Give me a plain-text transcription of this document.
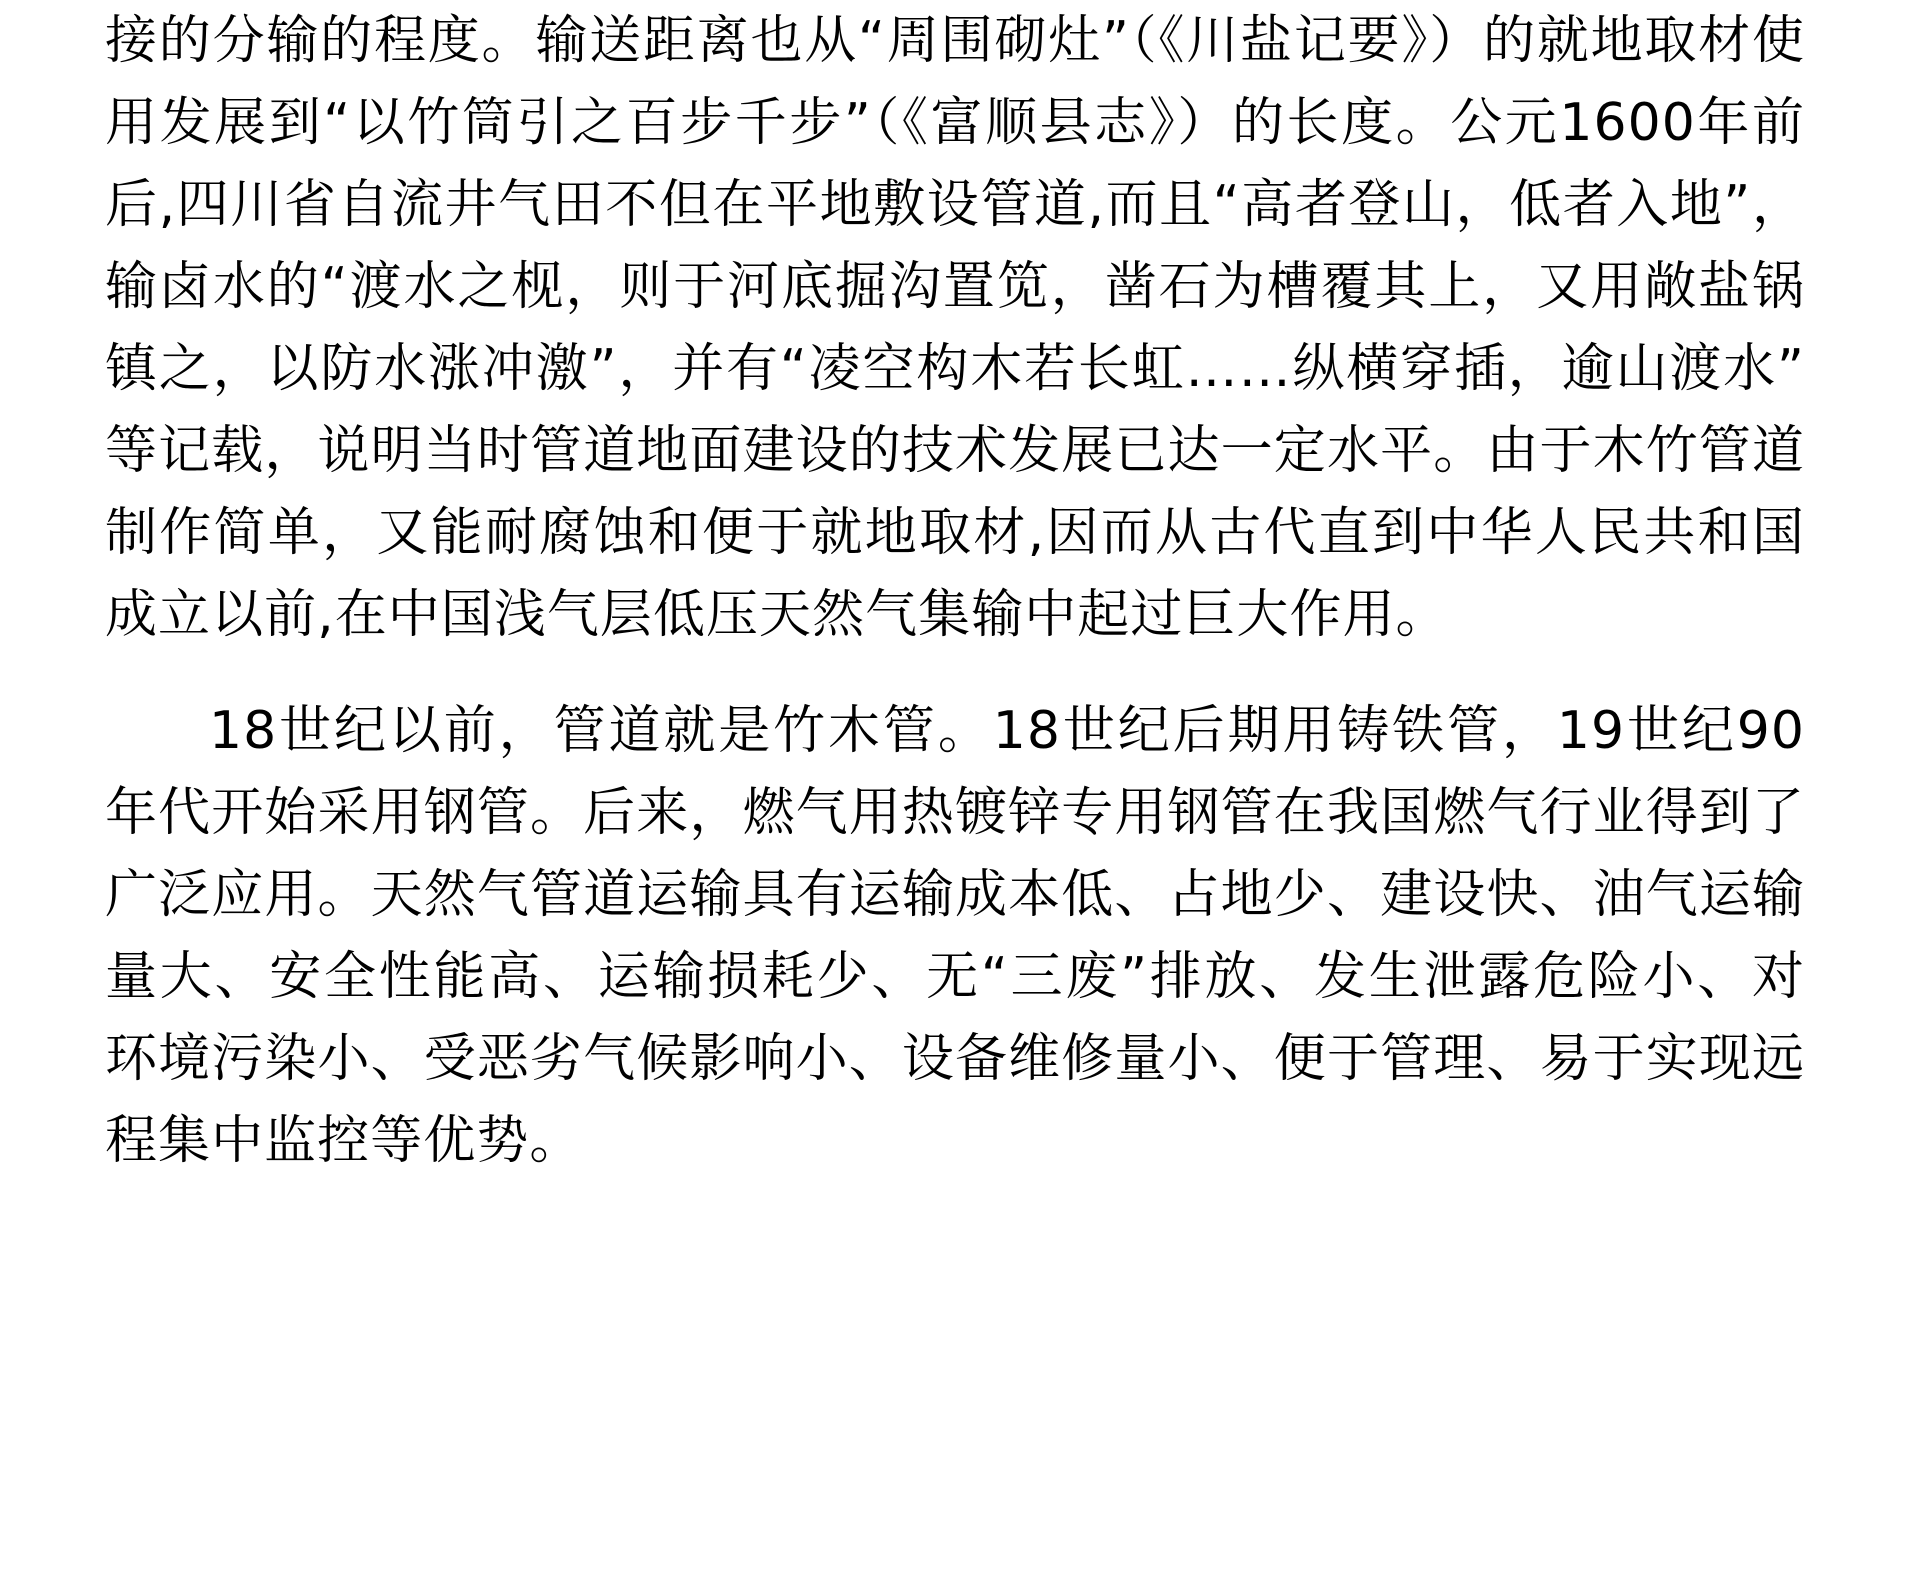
接的分输的程度。输送距离也从“周围砌灶”（《川盐记要》）的就地取材使用发展到“以竹筒引之百步千步”（《富顺县志》）的长度。公元1600年前后,四川省自流井气田不但在平地敷设管道,而且“高者登山，低者入地”，输卤水的“渡水之枧，则于河底掘沟置笕，凿石为槽覆其上，又用敞盐锅镇之，以防水涨冲激”，并有“凌空构木若长虹……纵横穿插，逾山渡水”等记载，说明当时管道地面建设的技术发展已达一定水平。由于木竹管道制作简单，又能耐腐蚀和便于就地取材,因而从古代直到中华人民共和国成立以前,在中国浅气层低压天然气集输中起过巨大作用。

18世纪以前，管道就是竹木管。18世纪后期用铸铁管，19世纪90年代开始采用钢管。后来，燃气用热镀锌专用钢管在我国燃气行业得到了广泛应用。天然气管道运输具有运输成本低、占地少、建设快、油气运输量大、安全性能高、运输损耗少、无“三废”排放、发生泄露危险小、对环境污染小、受恶劣气候影响小、设备维修量小、便于管理、易于实现远程集中监控等优势。
